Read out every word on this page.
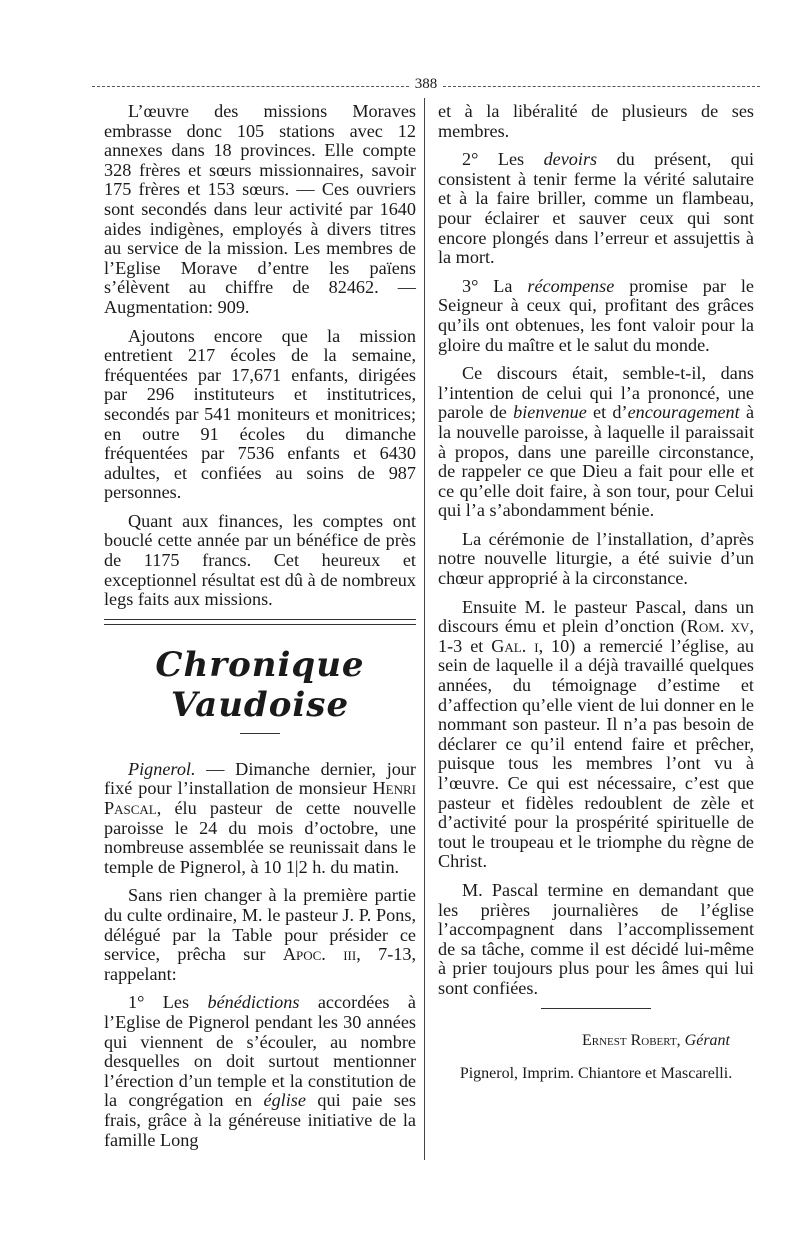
388

L’œuvre des missions Moraves embrasse donc 105 stations avec 12 annexes dans 18 provinces. Elle compte 328 frères et sœurs missionnaires, savoir 175 frères et 153 sœurs. — Ces ouvriers sont secondés dans leur activité par 1640 aides indigènes, employés à divers titres au service de la mission. Les membres de l’Eglise Morave d’entre les païens s’élèvent au chiffre de 82462. — Augmentation: 909.

Ajoutons encore que la mission entretient 217 écoles de la semaine, fréquentées par 17,671 enfants, dirigées par 296 instituteurs et institutrices, secondés par 541 moniteurs et monitrices; en outre 91 écoles du dimanche fréquentées par 7536 enfants et 6430 adultes, et confiées au soins de 987 personnes.

Quant aux finances, les comptes ont bouclé cette année par un bénéfice de près de 1175 francs. Cet heureux et exceptionnel résultat est dû à de nombreux legs faits aux missions.

Chronique Vaudoise

Pignerol. — Dimanche dernier, jour fixé pour l’installation de monsieur Henri Pascal, élu pasteur de cette nouvelle paroisse le 24 du mois d’octobre, une nombreuse assemblée se reunissait dans le temple de Pignerol, à 10 1|2 h. du matin.

Sans rien changer à la première partie du culte ordinaire, M. le pasteur J. P. Pons, délégué par la Table pour présider ce service, prêcha sur Apoc. iii, 7-13, rappelant:

1° Les bénédictions accordées à l’Eglise de Pignerol pendant les 30 années qui viennent de s’écouler, au nombre desquelles on doit surtout mentionner l’érection d’un temple et la constitution de la congrégation en église qui paie ses frais, grâce à la généreuse initiative de la famille Long

et à la libéralité de plusieurs de ses membres.

2° Les devoirs du présent, qui consistent à tenir ferme la vérité salutaire et à la faire briller, comme un flambeau, pour éclairer et sauver ceux qui sont encore plongés dans l’erreur et assujettis à la mort.

3° La récompense promise par le Seigneur à ceux qui, profitant des grâces qu’ils ont obtenues, les font valoir pour la gloire du maître et le salut du monde.

Ce discours était, semble-t-il, dans l’intention de celui qui l’a prononcé, une parole de bienvenue et d’encouragement à la nouvelle paroisse, à laquelle il paraissait à propos, dans une pareille circonstance, de rappeler ce que Dieu a fait pour elle et ce qu’elle doit faire, à son tour, pour Celui qui l’a s’abondamment bénie.

La cérémonie de l’installation, d’après notre nouvelle liturgie, a été suivie d’un chœur approprié à la circonstance.

Ensuite M. le pasteur Pascal, dans un discours ému et plein d’onction (Rom. xv, 1-3 et Gal. i, 10) a remercié l’église, au sein de laquelle il a déjà travaillé quelques années, du témoignage d’estime et d’affection qu’elle vient de lui donner en le nommant son pasteur. Il n’a pas besoin de déclarer ce qu’il entend faire et prêcher, puisque tous les membres l’ont vu à l’œuvre. Ce qui est nécessaire, c’est que pasteur et fidèles redoublent de zèle et d’activité pour la prospérité spirituelle de tout le troupeau et le triomphe du règne de Christ.

M. Pascal termine en demandant que les prières journalières de l’église l’accompagnent dans l’accomplissement de sa tâche, comme il est décidé lui-même à prier toujours plus pour les âmes qui lui sont confiées.

Ernest Robert, Gérant
Pignerol, Imprim. Chiantore et Mascarelli.
